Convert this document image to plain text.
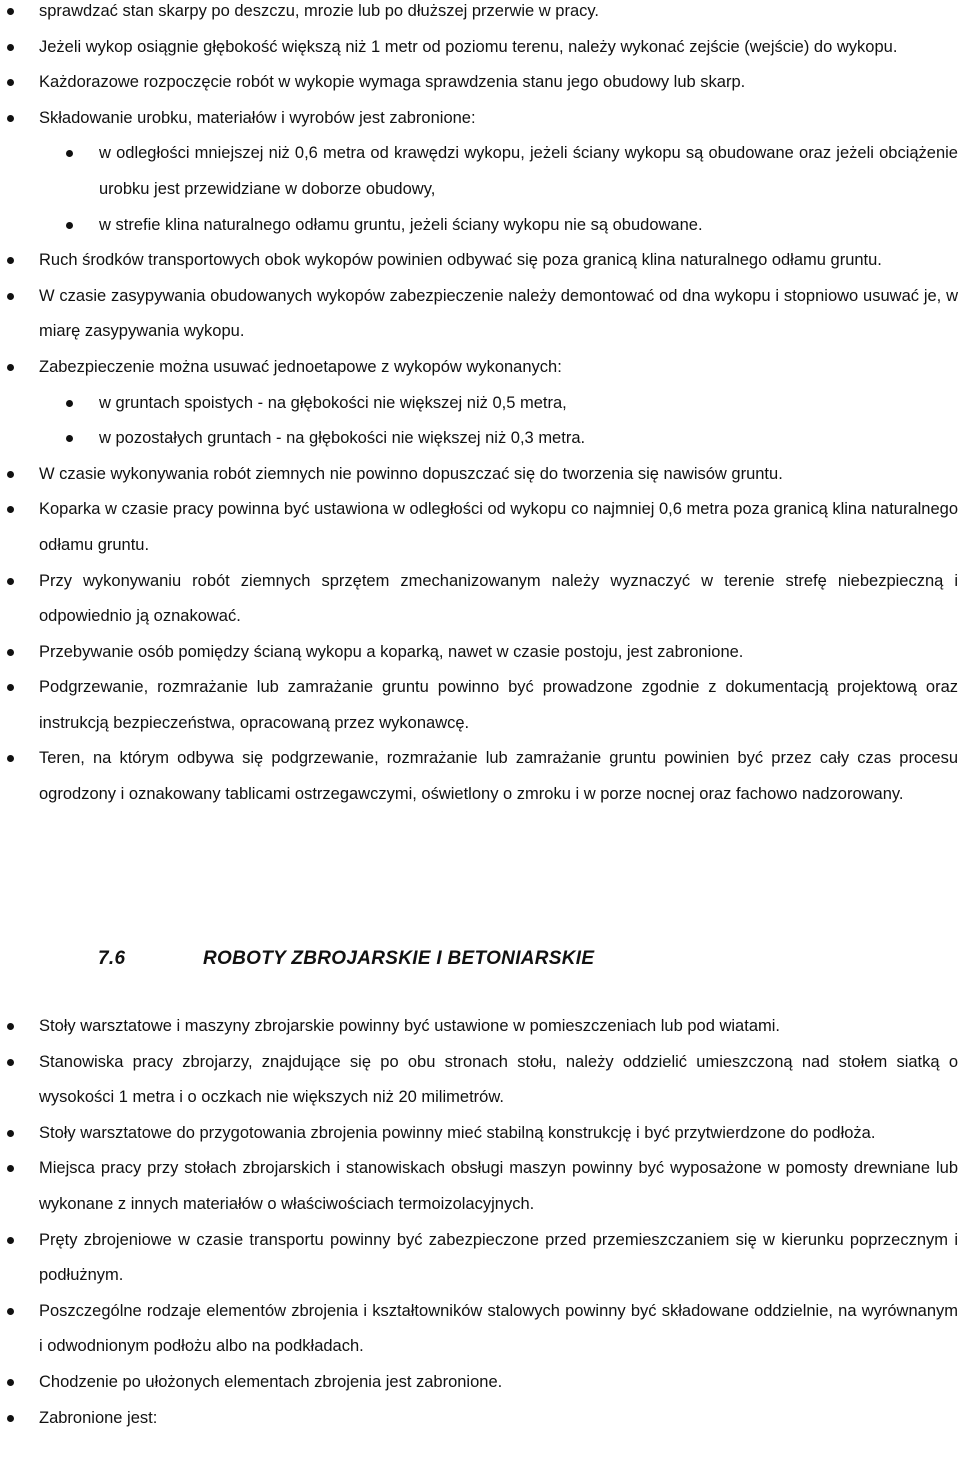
sprawdzać stan skarpy po deszczu, mrozie lub po dłuższej przerwie w pracy.
Jeżeli wykop osiągnie głębokość większą niż 1 metr od poziomu terenu, należy wykonać zejście (wejście) do wykopu.
Każdorazowe rozpoczęcie robót w wykopie wymaga sprawdzenia stanu jego obudowy lub skarp.
Składowanie urobku, materiałów i wyrobów jest zabronione:
w odległości mniejszej niż 0,6 metra od krawędzi wykopu, jeżeli ściany wykopu są obudowane oraz jeżeli obciążenie urobku jest przewidziane w doborze obudowy,
w strefie klina naturalnego odłamu gruntu, jeżeli ściany wykopu nie są obudowane.
Ruch środków transportowych obok wykopów powinien odbywać się poza granicą klina naturalnego odłamu gruntu.
W czasie zasypywania obudowanych wykopów zabezpieczenie należy demontować od dna wykopu i stopniowo usuwać je, w miarę zasypywania wykopu.
Zabezpieczenie można usuwać jednoetapowe z wykopów wykonanych:
w gruntach spoistych - na głębokości nie większej niż 0,5 metra,
w pozostałych gruntach - na głębokości nie większej niż 0,3 metra.
W czasie wykonywania robót ziemnych nie powinno dopuszczać się do tworzenia się nawisów gruntu.
Koparka w czasie pracy powinna być ustawiona w odległości od wykopu co najmniej 0,6 metra poza granicą klina naturalnego odłamu gruntu.
Przy wykonywaniu robót ziemnych sprzętem zmechanizowanym należy wyznaczyć w terenie strefę niebezpieczną i odpowiednio ją oznakować.
Przebywanie osób pomiędzy ścianą wykopu a koparką, nawet w czasie postoju, jest zabronione.
Podgrzewanie, rozmrażanie lub zamrażanie gruntu powinno być prowadzone zgodnie z dokumentacją projektową oraz instrukcją bezpieczeństwa, opracowaną przez wykonawcę.
Teren, na którym odbywa się podgrzewanie, rozmrażanie lub zamrażanie gruntu powinien być przez cały czas procesu ogrodzony i oznakowany tablicami ostrzegawczymi, oświetlony o zmroku i w porze nocnej oraz fachowo nadzorowany.
7.6	ROBOTY ZBROJARSKIE I BETONIARSKIE
Stoły warsztatowe i maszyny zbrojarskie powinny być ustawione w pomieszczeniach lub pod wiatami.
Stanowiska pracy zbrojarzy, znajdujące się po obu stronach stołu, należy oddzielić umieszczoną nad stołem siatką o wysokości 1 metra i o oczkach nie większych niż 20 milimetrów.
Stoły warsztatowe do przygotowania zbrojenia powinny mieć stabilną konstrukcję i być przytwierdzone do podłoża.
Miejsca pracy przy stołach zbrojarskich i stanowiskach obsługi maszyn powinny być wyposażone w pomosty drewniane lub wykonane z innych materiałów o właściwościach termoizolacyjnych.
Pręty zbrojeniowe w czasie transportu powinny być zabezpieczone przed przemieszczaniem się w kierunku poprzecznym i podłużnym.
Poszczególne rodzaje elementów zbrojenia i kształtowników stalowych powinny być składowane oddzielnie, na wyrównanym i odwodnionym podłożu albo na podkładach.
Chodzenie po ułożonych elementach zbrojenia jest zabronione.
Zabronione jest:
